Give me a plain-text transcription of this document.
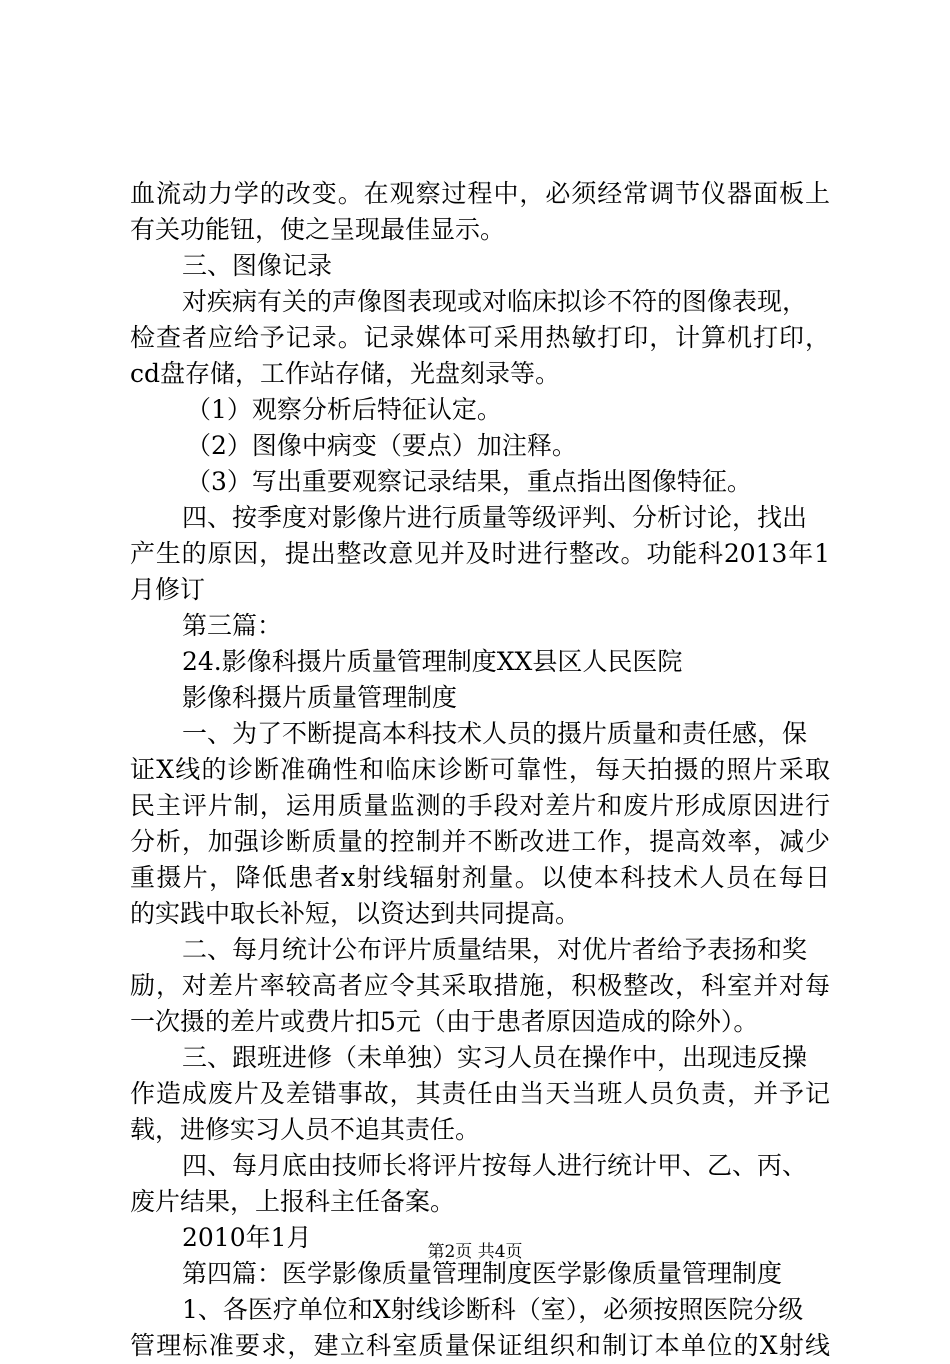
血流动力学的改变。在观察过程中，必须经常调节仪器面板上
有关功能钮，使之呈现最佳显示。
三、图像记录
对疾病有关的声像图表现或对临床拟诊不符的图像表现，
检查者应给予记录。记录媒体可采用热敏打印，计算机打印，
cd盘存储，工作站存储，光盘刻录等。
（1）观察分析后特征认定。
（2）图像中病变（要点）加注释。
（3）写出重要观察记录结果，重点指出图像特征。
四、按季度对影像片进行质量等级评判、分析讨论，找出
产生的原因，提出整改意见并及时进行整改。功能科2013年1
月修订
第三篇：
24.影像科摄片质量管理制度XX县区人民医院
影像科摄片质量管理制度
一、为了不断提高本科技术人员的摄片质量和责任感，保
证X线的诊断准确性和临床诊断可靠性，每天拍摄的照片采取
民主评片制，运用质量监测的手段对差片和废片形成原因进行
分析，加强诊断质量的控制并不断改进工作，提高效率，减少
重摄片，降低患者x射线辐射剂量。以使本科技术人员在每日
的实践中取长补短，以资达到共同提高。
二、每月统计公布评片质量结果，对优片者给予表扬和奖
励，对差片率较高者应令其采取措施，积极整改，科室并对每
一次摄的差片或费片扣5元（由于患者原因造成的除外）。
三、跟班进修（未单独）实习人员在操作中，出现违反操
作造成废片及差错事故，其责任由当天当班人员负责，并予记
载，进修实习人员不追其责任。
四、每月底由技师长将评片按每人进行统计甲、乙、丙、
废片结果，上报科主任备案。
2010年1月
第四篇：医学影像质量管理制度医学影像质量管理制度
1、各医疗单位和X射线诊断科（室），必须按照医院分级
管理标准要求，建立科室质量保证组织和制订本单位的X射线
第2页 共4页
